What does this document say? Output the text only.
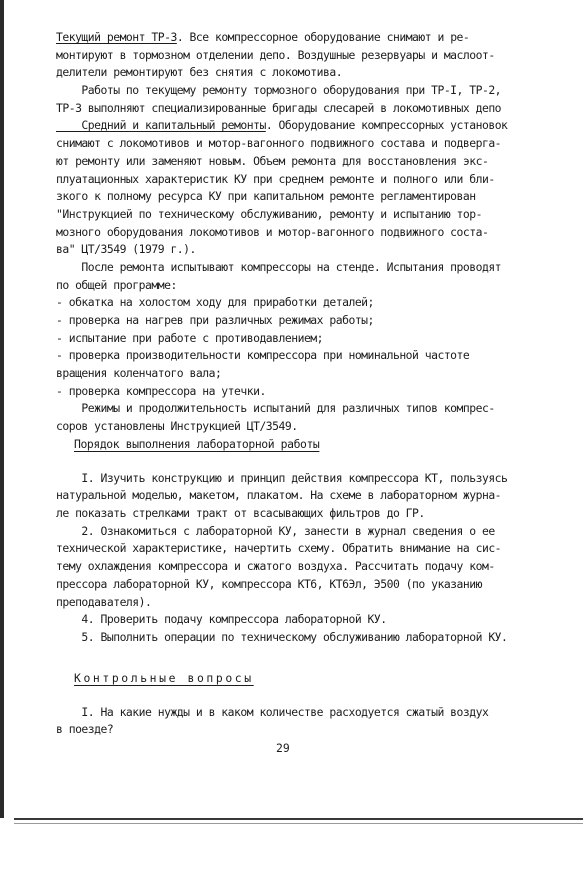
Текущий ремонт ТР-3. Все компрессорное оборудование снимают и ре-
монтируют в тормозном отделении депо. Воздушные резервуары и маслоот-
делители ремонтируют без снятия с локомотива.
Работы по текущему ремонту тормозного оборудования при ТР-I, ТР-2,
ТР-3 выполняют специализированные бригады слесарей в локомотивных депо
Средний и капитальный ремонты. Оборудование компрессорных установок
снимают с локомотивов и мотор-вагонного подвижного состава и подверга-
ют ремонту или заменяют новым. Объем ремонта для восстановления экс-
плуатационных характеристик КУ при среднем ремонте и полного или бли-
зкого к полному ресурса КУ при капитальном ремонте регламентирован
"Инструкцией по техническому обслуживанию, ремонту и испытанию тор-
мозного оборудования локомотивов и мотор-вагонного подвижного соста-
ва" ЦТ/3549 (1979 г.).
После ремонта испытывают компрессоры на стенде. Испытания проводят
по общей программе:
- обкатка на холостом ходу для приработки деталей;
- проверка на нагрев при различных режимах работы;
- испытание при работе с противодавлением;
- проверка производительности компрессора при номинальной частоте
вращения коленчатого вала;
- проверка компрессора на утечки.
Режимы и продолжительность испытаний для различных типов компрес-
соров установлены Инструкцией ЦТ/3549.
Порядок выполнения лабораторной работы
I. Изучить конструкцию и принцип действия компрессора КТ, пользуясь
натуральной моделью, макетом, плакатом. На схеме в лабораторном журна-
ле показать стрелками тракт от всасывающих фильтров до ГР.
2. Ознакомиться с лабораторной КУ, занести в журнал сведения о ее
технической характеристике, начертить схему. Обратить внимание на сис-
тему охлаждения компрессора и сжатого воздуха. Рассчитать подачу ком-
прессора лабораторной КУ, компрессора КТ6, КТ6Эл, Э500 (по указанию
преподавателя).
4. Проверить подачу компрессора лабораторной КУ.
5. Выполнить операции по техническому обслуживанию лабораторной КУ.
Контрольные вопросы
I. На какие нужды и в каком количестве расходуется сжатый воздух
в поезде?
29
